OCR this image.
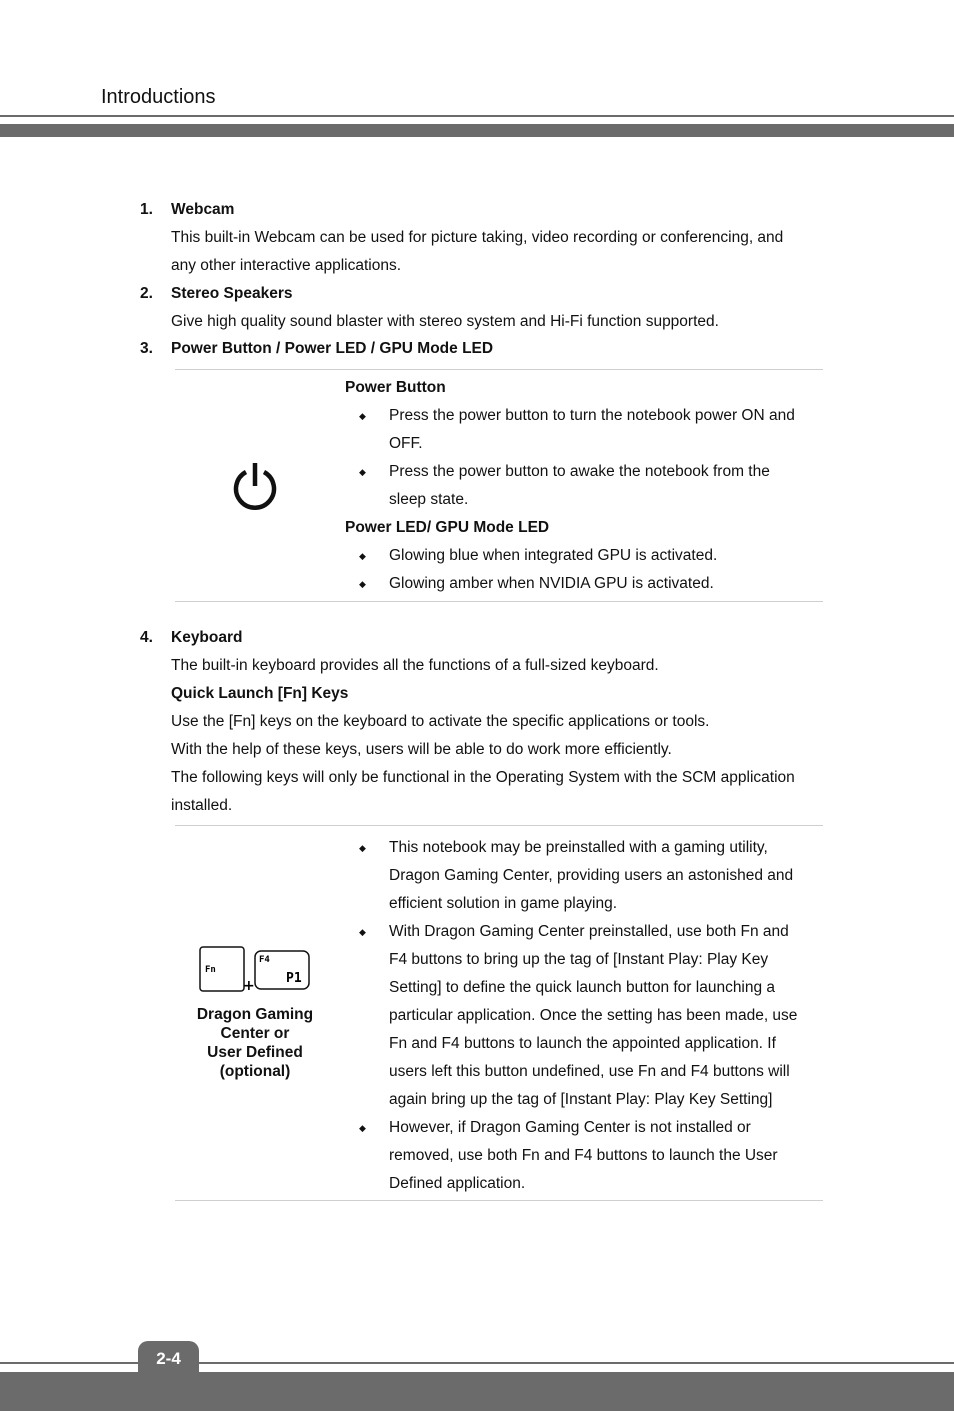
Introductions
1.	Webcam

This built-in Webcam can be used for picture taking, video recording or conferencing, and

any other interactive applications.

2.	Stereo Speakers

Give high quality sound blaster with stereo system and Hi-Fi function supported.

3.	Power Button / Power LED / GPU Mode LED
Power Button
◆ Press the power button to turn the notebook power ON and
OFF.
◆ Press the power button to awake the notebook from the
sleep state.
Power LED/ GPU Mode LED
◆ Glowing blue when integrated GPU is activated.
◆ Glowing amber when NVIDIA GPU is activated.
4.	Keyboard

The built-in keyboard provides all the functions of a full-sized keyboard.

Quick Launch [Fn] Keys

Use the [Fn] keys on the keyboard to activate the specific applications or tools.

With the help of these keys, users will be able to do work more efficiently.

The following keys will only be functional in the Operating System with the SCM application

installed.

Fn
+
F4
P1
Dragon Gaming
Center or
User Defined
(optional)
◆ This notebook may be preinstalled with a gaming utility,
Dragon Gaming Center, providing users an astonished and
efficient solution in game playing.
◆ With Dragon Gaming Center preinstalled, use both Fn and
F4 buttons to bring up the tag of [Instant Play: Play Key
Setting] to define the quick launch button for launching a
particular application. Once the setting has been made, use
Fn and F4 buttons to launch the appointed application. If
users left this button undefined, use Fn and F4 buttons will
again bring up the tag of [Instant Play: Play Key Setting]
◆ However, if Dragon Gaming Center is not installed or
removed, use both Fn and F4 buttons to launch the User
Defined application.
2-4
